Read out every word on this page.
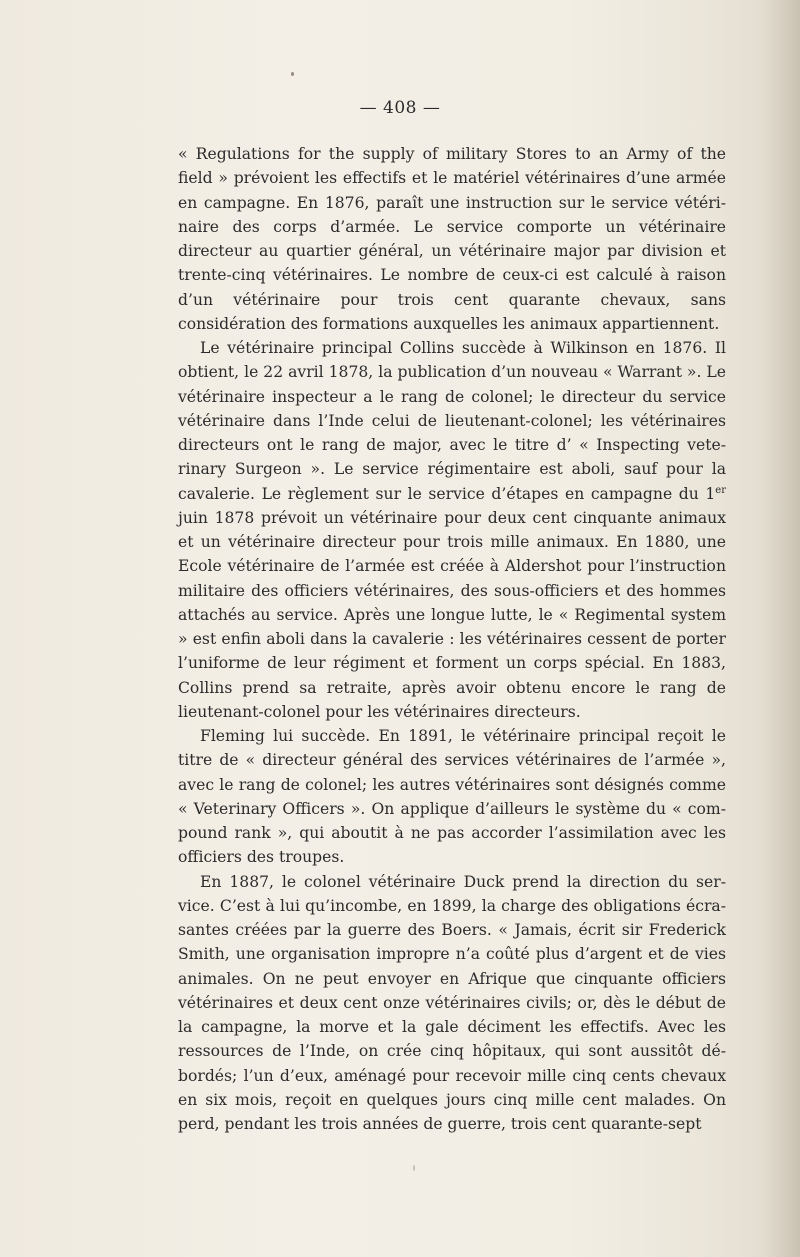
— 408 —

« Regulations for the supply of military Stores to an Army of the field » prévoient les effectifs et le matériel vétérinaires d’une armée en campagne. En 1876, paraît une instruction sur le service vétérinaire des corps d’armée. Le service comporte un vétérinaire directeur au quartier général, un vétérinaire major par division et trente-cinq vétérinaires. Le nombre de ceux-ci est calculé à raison d’un vétérinaire pour trois cent quarante chevaux, sans considération des formations auxquelles les animaux appartiennent.

Le vétérinaire principal Collins succède à Wilkinson en 1876. Il obtient, le 22 avril 1878, la publication d’un nouveau « Warrant ». Le vétérinaire inspecteur a le rang de colonel; le directeur du service vétérinaire dans l’Inde celui de lieutenant-colonel; les vétérinaires directeurs ont le rang de major, avec le titre d’ « Inspecting veterinary Surgeon ». Le service régimentaire est aboli, sauf pour la cavalerie. Le règlement sur le service d’étapes en campagne du 1er juin 1878 prévoit un vétérinaire pour deux cent cinquante animaux et un vétérinaire directeur pour trois mille animaux. En 1880, une Ecole vétérinaire de l’armée est créée à Aldershot pour l’instruction militaire des officiers vétérinaires, des sous-officiers et des hommes attachés au service. Après une longue lutte, le « Regimental system » est enfin aboli dans la cavalerie : les vétérinaires cessent de porter l’uniforme de leur régiment et forment un corps spécial. En 1883, Collins prend sa retraite, après avoir obtenu encore le rang de lieutenant-colonel pour les vétérinaires directeurs.

Fleming lui succède. En 1891, le vétérinaire principal reçoit le titre de « directeur général des services vétérinaires de l’armée », avec le rang de colonel; les autres vétérinaires sont désignés comme « Veterinary Officers ». On applique d’ailleurs le système du « compound rank », qui aboutit à ne pas accorder l’assimilation avec les officiers des troupes.

En 1887, le colonel vétérinaire Duck prend la direction du service. C’est à lui qu’incombe, en 1899, la charge des obligations écrasantes créées par la guerre des Boers. « Jamais, écrit sir Frederick Smith, une organisation impropre n’a coûté plus d’argent et de vies animales. On ne peut envoyer en Afrique que cinquante officiers vétérinaires et deux cent onze vétérinaires civils; or, dès le début de la campagne, la morve et la gale déciment les effectifs. Avec les ressources de l’Inde, on crée cinq hôpitaux, qui sont aussitôt débordés; l’un d’eux, aménagé pour recevoir mille cinq cents chevaux en six mois, reçoit en quelques jours cinq mille cent malades. On perd, pendant les trois années de guerre, trois cent quarante-sept
